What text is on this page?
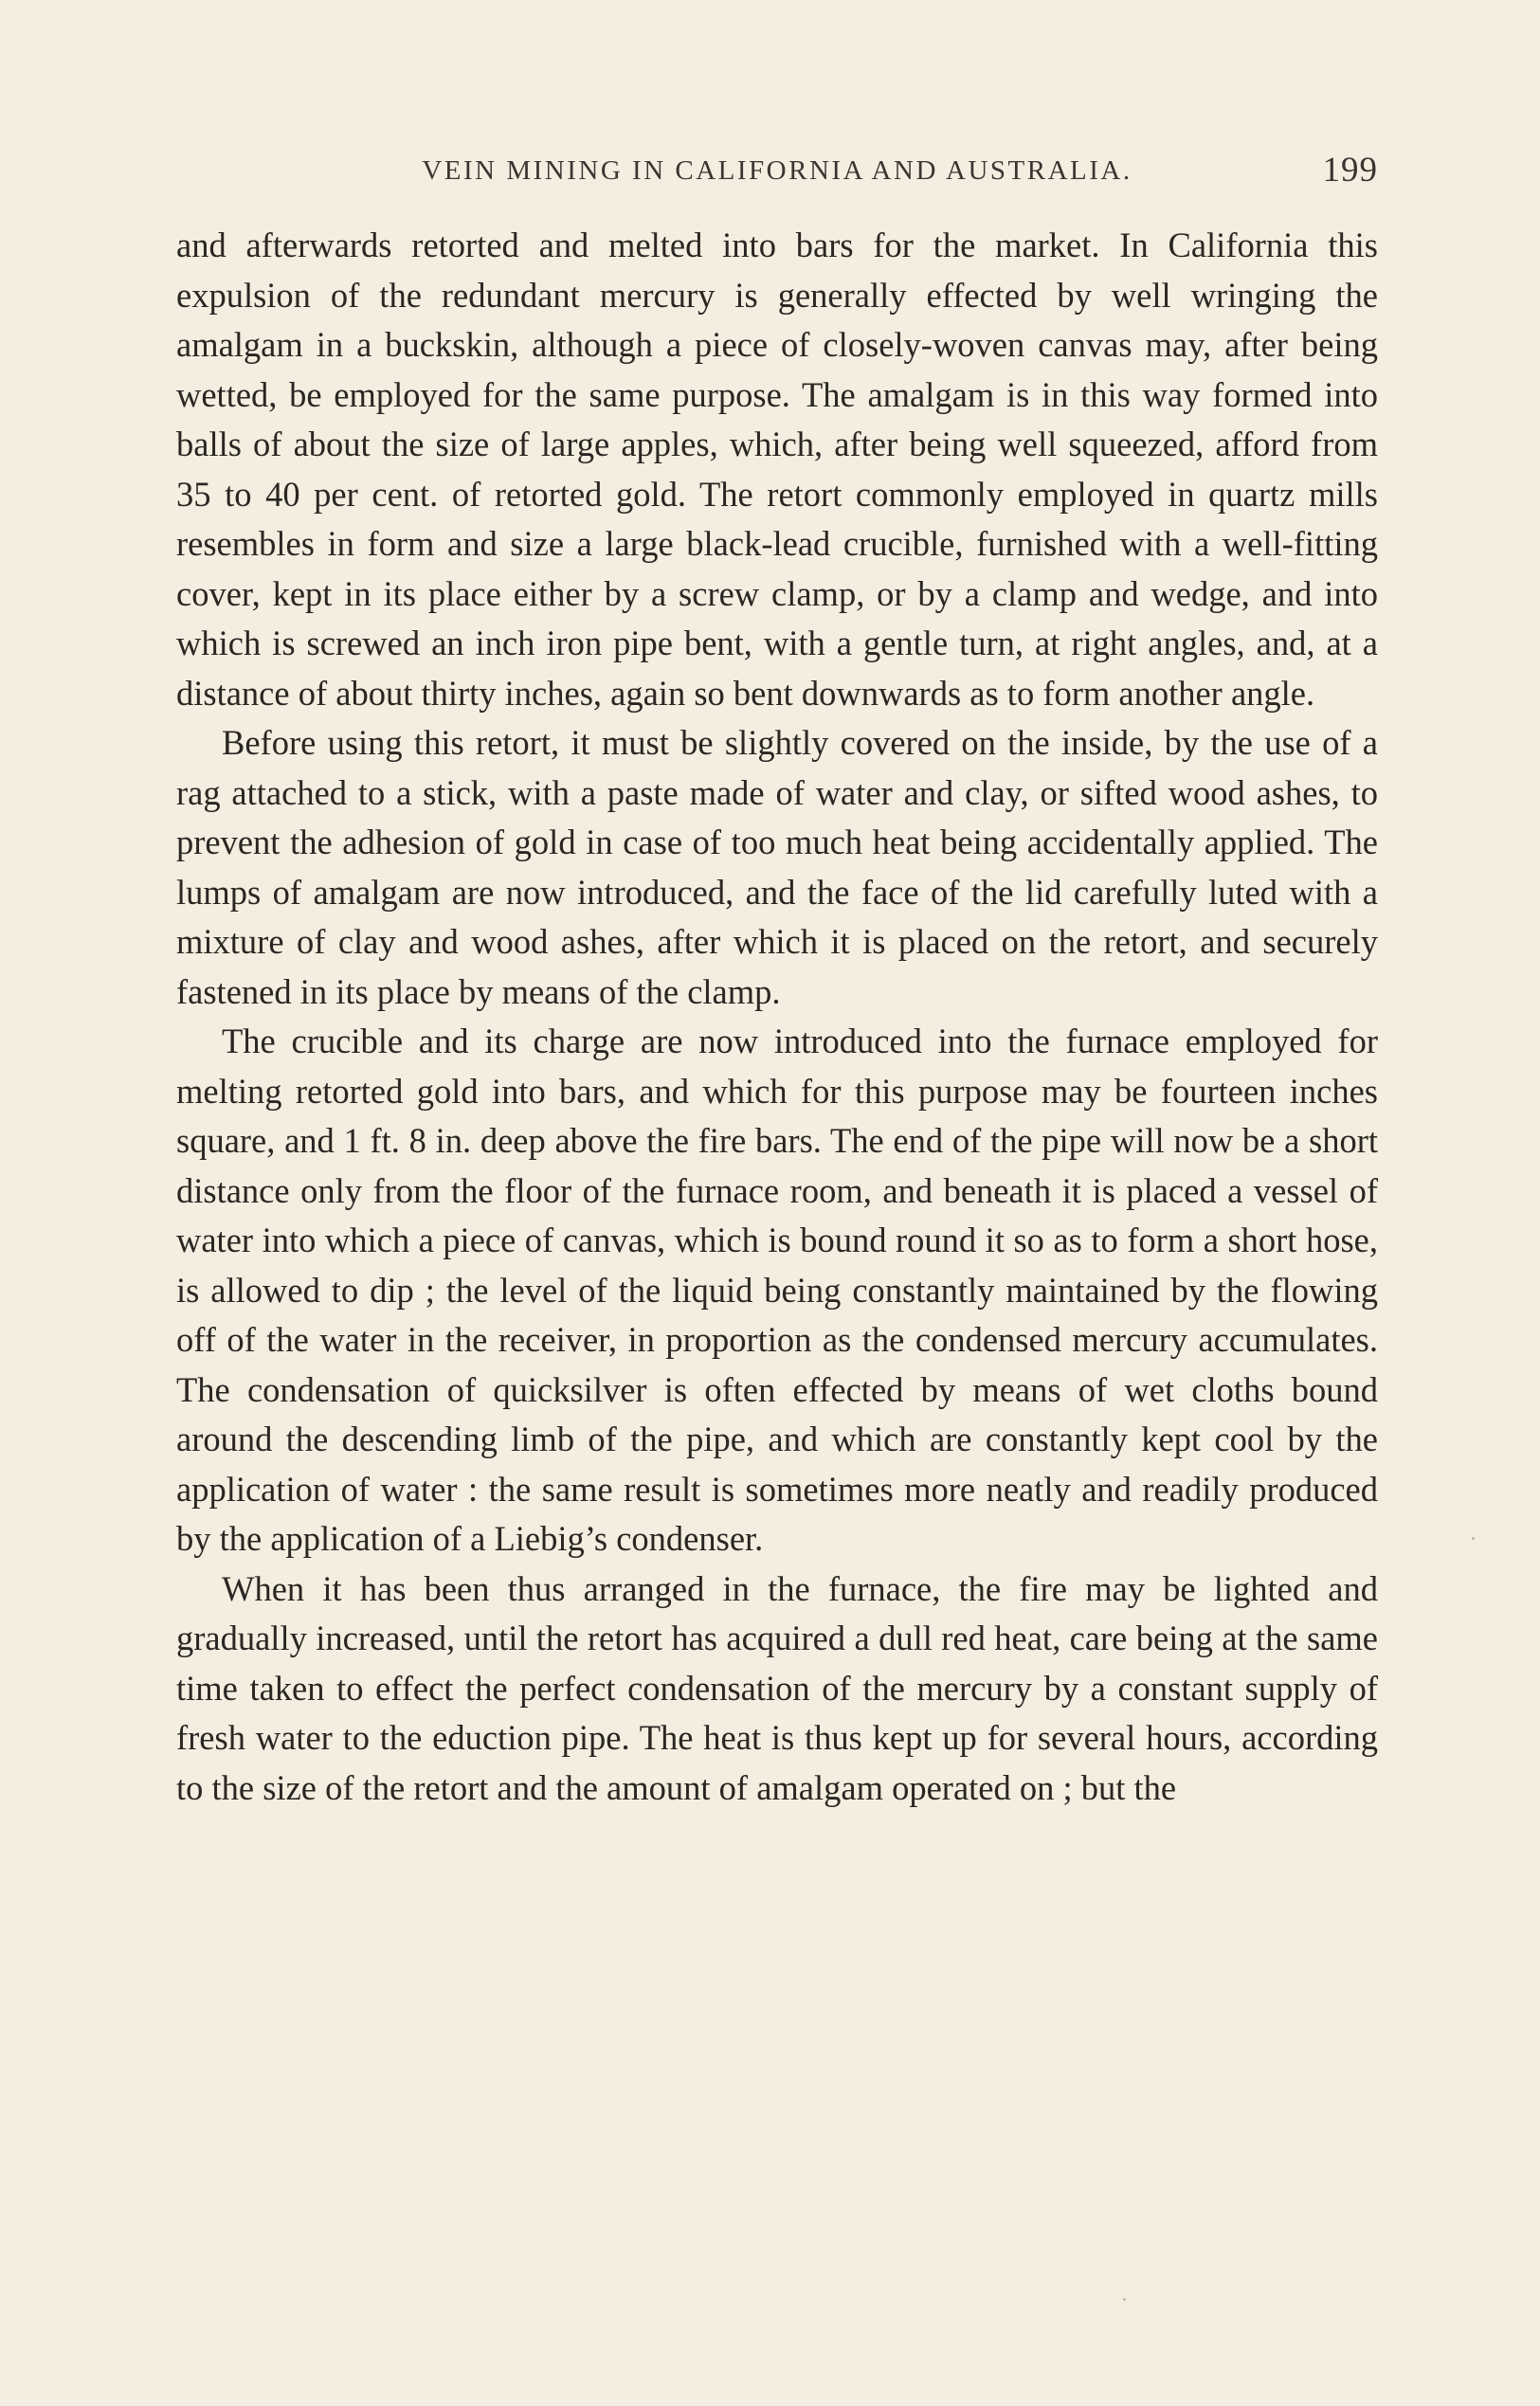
VEIN MINING IN CALIFORNIA AND AUSTRALIA.	199

and afterwards retorted and melted into bars for the market. In California this expulsion of the redundant mercury is generally effected by well wringing the amalgam in a buckskin, although a piece of closely-woven canvas may, after being wetted, be employed for the same purpose. The amalgam is in this way formed into balls of about the size of large apples, which, after being well squeezed, afford from 35 to 40 per cent. of retorted gold. The retort commonly employed in quartz mills resembles in form and size a large black-lead crucible, furnished with a well-fitting cover, kept in its place either by a screw clamp, or by a clamp and wedge, and into which is screwed an inch iron pipe bent, with a gentle turn, at right angles, and, at a distance of about thirty inches, again so bent downwards as to form another angle.

Before using this retort, it must be slightly covered on the inside, by the use of a rag attached to a stick, with a paste made of water and clay, or sifted wood ashes, to prevent the adhesion of gold in case of too much heat being accidentally applied. The lumps of amalgam are now introduced, and the face of the lid carefully luted with a mixture of clay and wood ashes, after which it is placed on the retort, and securely fastened in its place by means of the clamp.

The crucible and its charge are now introduced into the furnace employed for melting retorted gold into bars, and which for this purpose may be fourteen inches square, and 1 ft. 8 in. deep above the fire bars. The end of the pipe will now be a short distance only from the floor of the furnace room, and beneath it is placed a vessel of water into which a piece of canvas, which is bound round it so as to form a short hose, is allowed to dip ; the level of the liquid being constantly maintained by the flowing off of the water in the receiver, in proportion as the condensed mercury accumulates. The condensation of quicksilver is often effected by means of wet cloths bound around the descending limb of the pipe, and which are constantly kept cool by the application of water : the same result is sometimes more neatly and readily produced by the application of a Liebig’s condenser.

When it has been thus arranged in the furnace, the fire may be lighted and gradually increased, until the retort has acquired a dull red heat, care being at the same time taken to effect the perfect condensation of the mercury by a constant supply of fresh water to the eduction pipe. The heat is thus kept up for several hours, according to the size of the retort and the amount of amalgam operated on ; but the
